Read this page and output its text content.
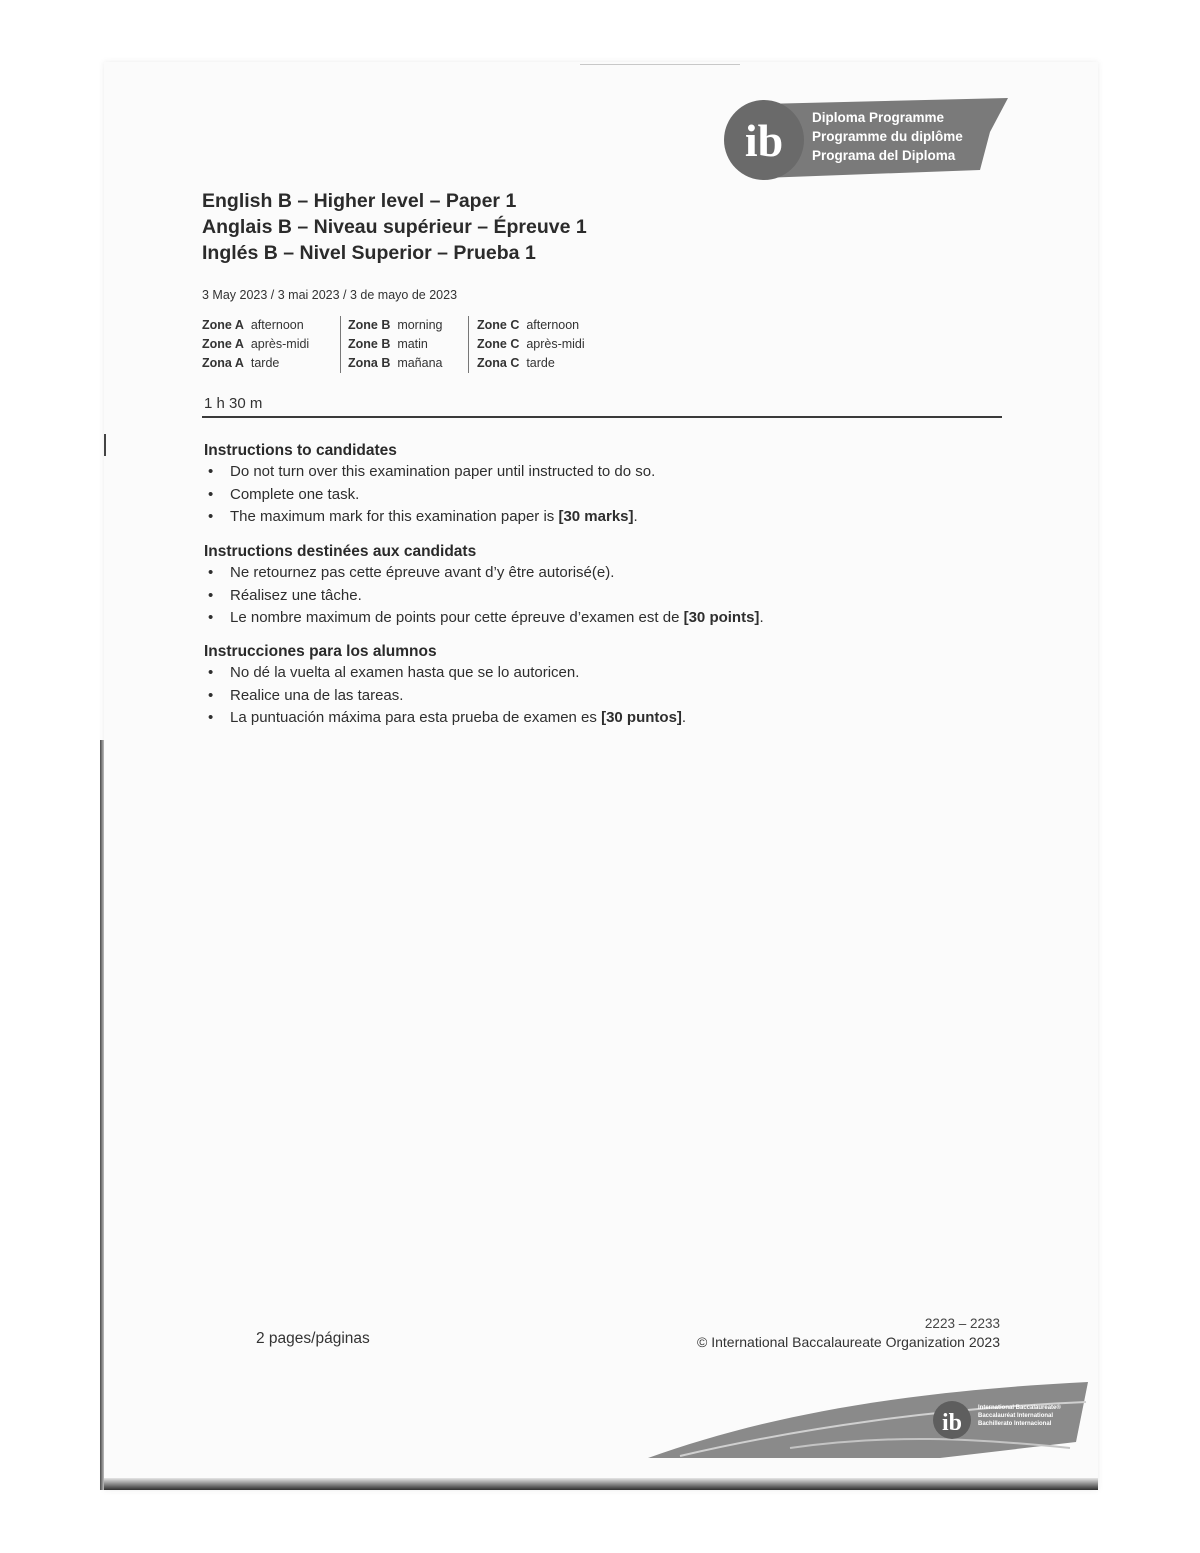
ib Diploma Programme
Programme du diplôme
Programa del Diploma
English B – Higher level – Paper 1
Anglais B – Niveau supérieur – Épreuve 1
Inglés B – Nivel Superior – Prueba 1
3 May 2023 / 3 mai 2023 / 3 de mayo de 2023
Zone A afternoon
Zone A après-midi
Zona A tarde
Zone B morning
Zone B matin
Zona B mañana
Zone C afternoon
Zone C après-midi
Zona C tarde
1 h 30 m
Instructions to candidates
• Do not turn over this examination paper until instructed to do so.
• Complete one task.
• The maximum mark for this examination paper is [30 marks].
Instructions destinées aux candidats
• Ne retournez pas cette épreuve avant d’y être autorisé(e).
• Réalisez une tâche.
• Le nombre maximum de points pour cette épreuve d’examen est de [30 points].
Instrucciones para los alumnos
• No dé la vuelta al examen hasta que se lo autoricen.
• Realice una de las tareas.
• La puntuación máxima para esta prueba de examen es [30 puntos].
2 pages/páginas
2223 – 2233
© International Baccalaureate Organization 2023
ib
International Baccalaureate®
Baccalauréat International
Bachillerato Internacional
